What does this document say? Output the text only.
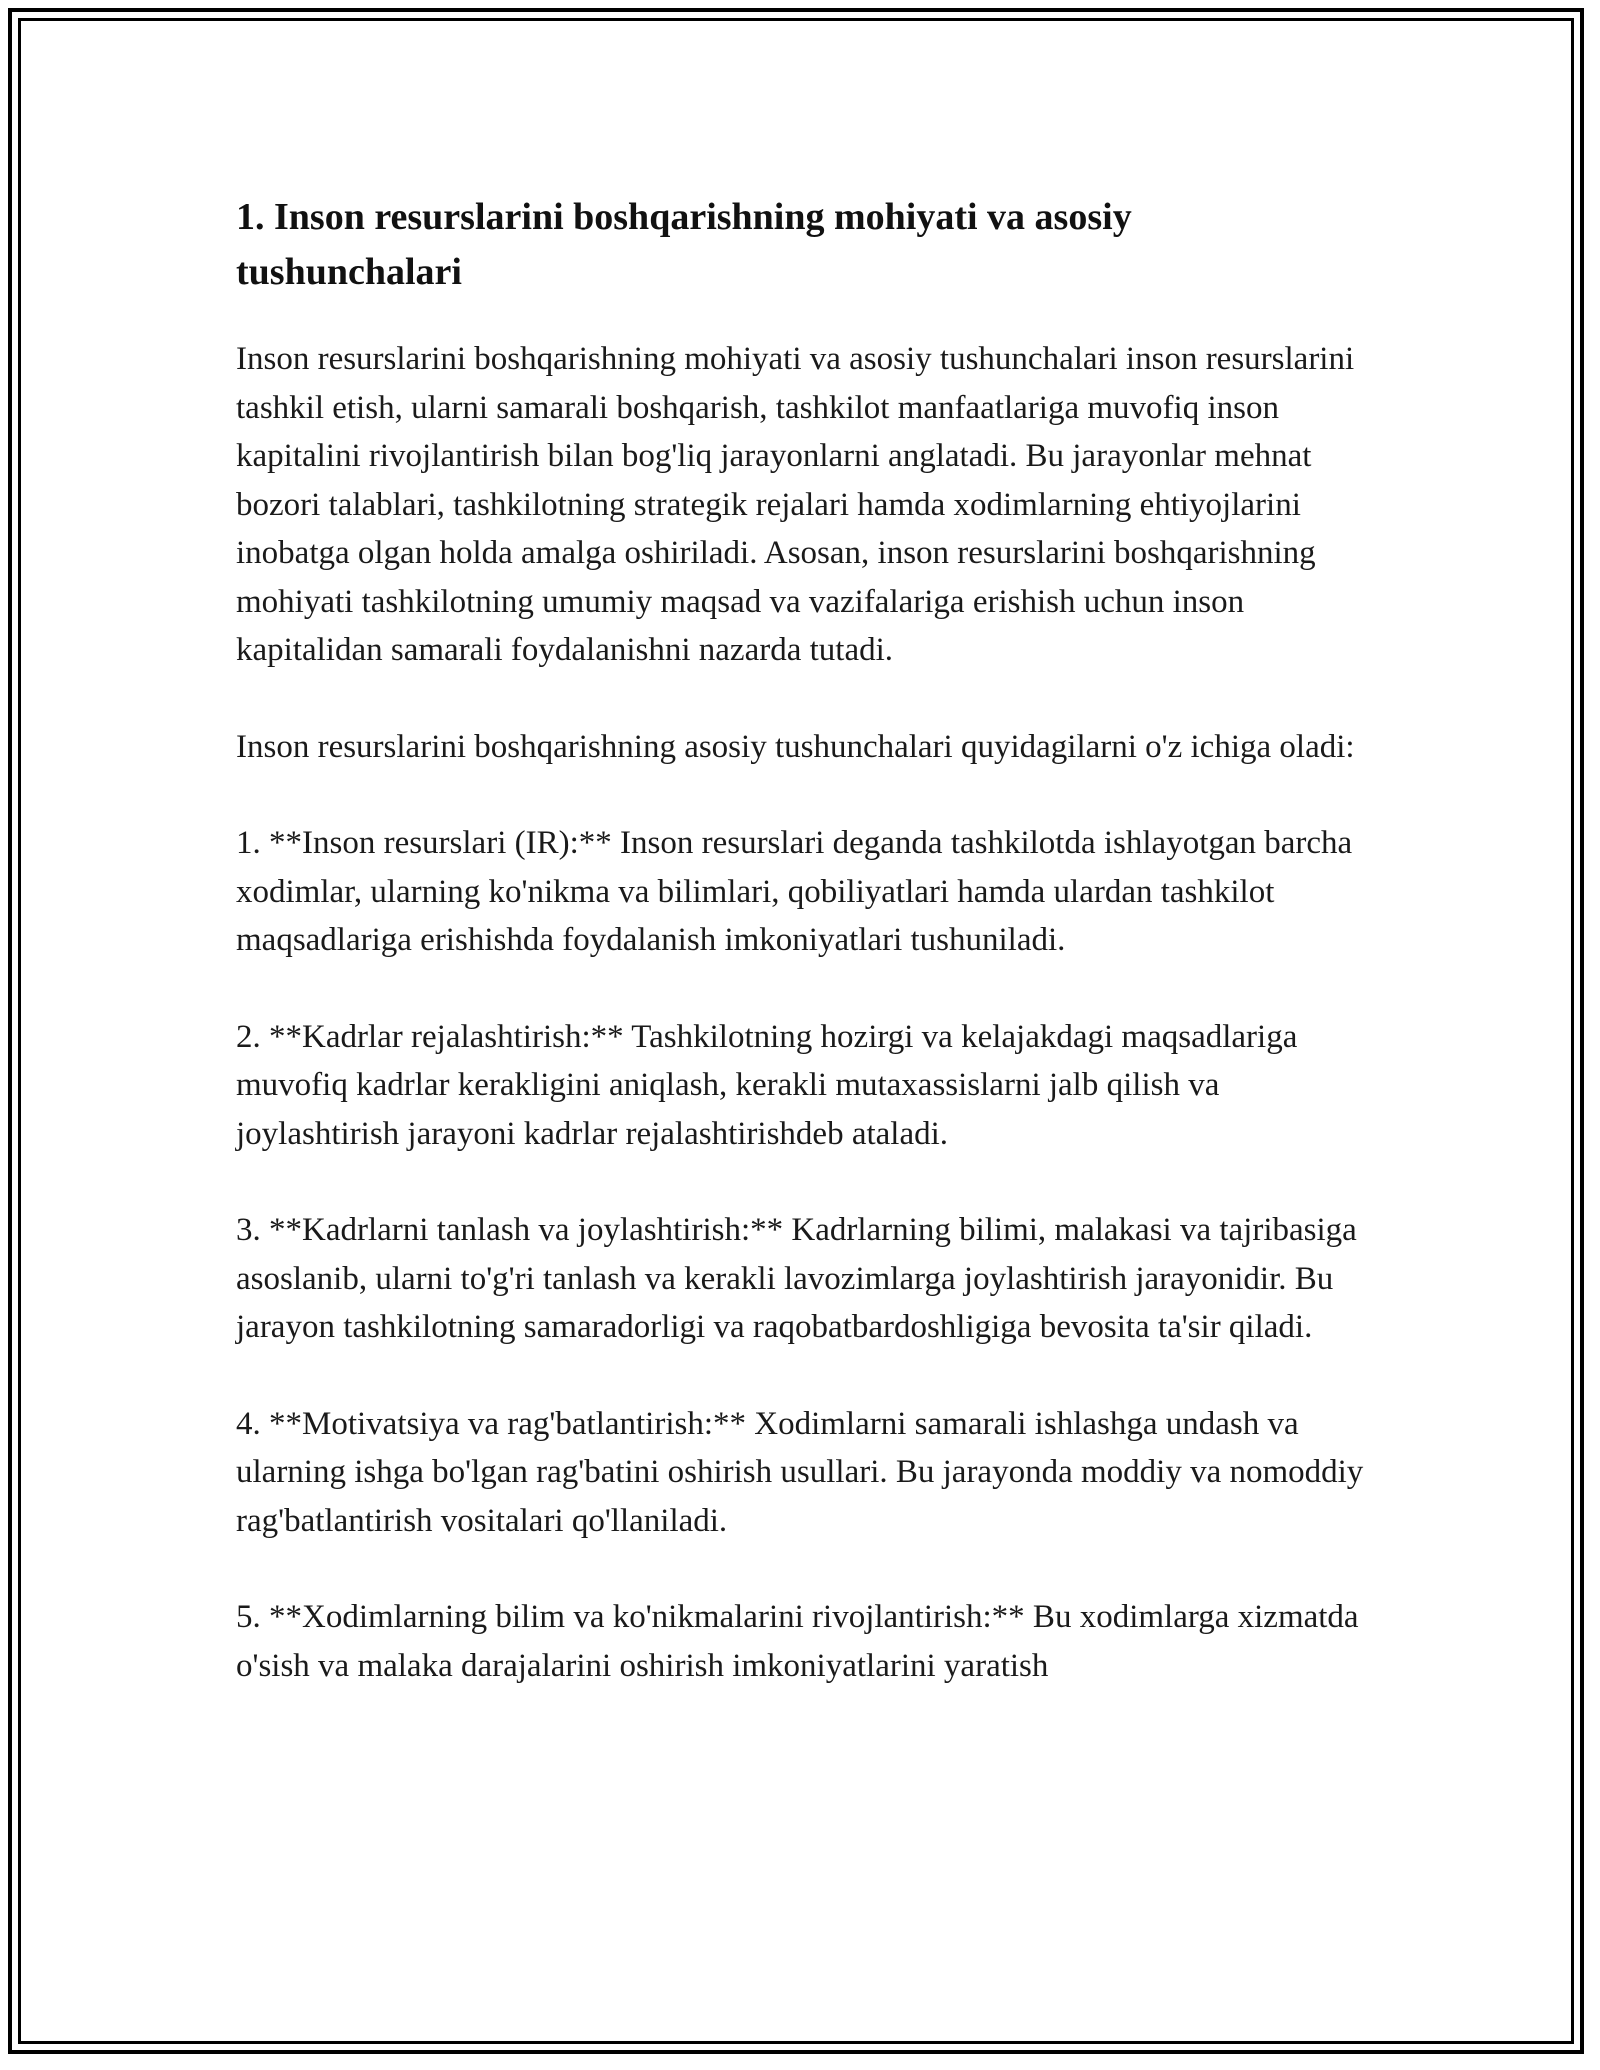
1. Inson resurslarini boshqarishning mohiyati va asosiy tushunchalari

Inson resurslarini boshqarishning mohiyati va asosiy tushunchalari inson resurslarini tashkil etish, ularni samarali boshqarish, tashkilot manfaatlariga muvofiq inson kapitalini rivojlantirish bilan bog'liq jarayonlarni anglatadi. Bu jarayonlar mehnat bozori talablari, tashkilotning strategik rejalari hamda xodimlarning ehtiyojlarini inobatga olgan holda amalga oshiriladi. Asosan, inson resurslarini boshqarishning mohiyati tashkilotning umumiy maqsad va vazifalariga erishish uchun inson kapitalidan samarali foydalanishni nazarda tutadi.

Inson resurslarini boshqarishning asosiy tushunchalari quyidagilarni o'z ichiga oladi:

1. **Inson resurslari (IR):** Inson resurslari deganda tashkilotda ishlayotgan barcha xodimlar, ularning ko'nikma va bilimlari, qobiliyatlari hamda ulardan tashkilot maqsadlariga erishishda foydalanish imkoniyatlari tushuniladi.

2. **Kadrlar rejalashtirish:** Tashkilotning hozirgi va kelajakdagi maqsadlariga muvofiq kadrlar kerakligini aniqlash, kerakli mutaxassislarni jalb qilish va joylashtirish jarayoni kadrlar rejalashtirishdeb ataladi.

3. **Kadrlarni tanlash va joylashtirish:** Kadrlarning bilimi, malakasi va tajribasiga asoslanib, ularni to'g'ri tanlash va kerakli lavozimlarga joylashtirish jarayonidir. Bu jarayon tashkilotning samaradorligi va raqobatbardoshligiga bevosita ta'sir qiladi.

4. **Motivatsiya va rag'batlantirish:** Xodimlarni samarali ishlashga undash va ularning ishga bo'lgan rag'batini oshirish usullari. Bu jarayonda moddiy va nomoddiy rag'batlantirish vositalari qo'llaniladi.

5. **Xodimlarning bilim va ko'nikmalarini rivojlantirish:** Bu xodimlarga xizmatda o'sish va malaka darajalarini oshirish imkoniyatlarini yaratish
